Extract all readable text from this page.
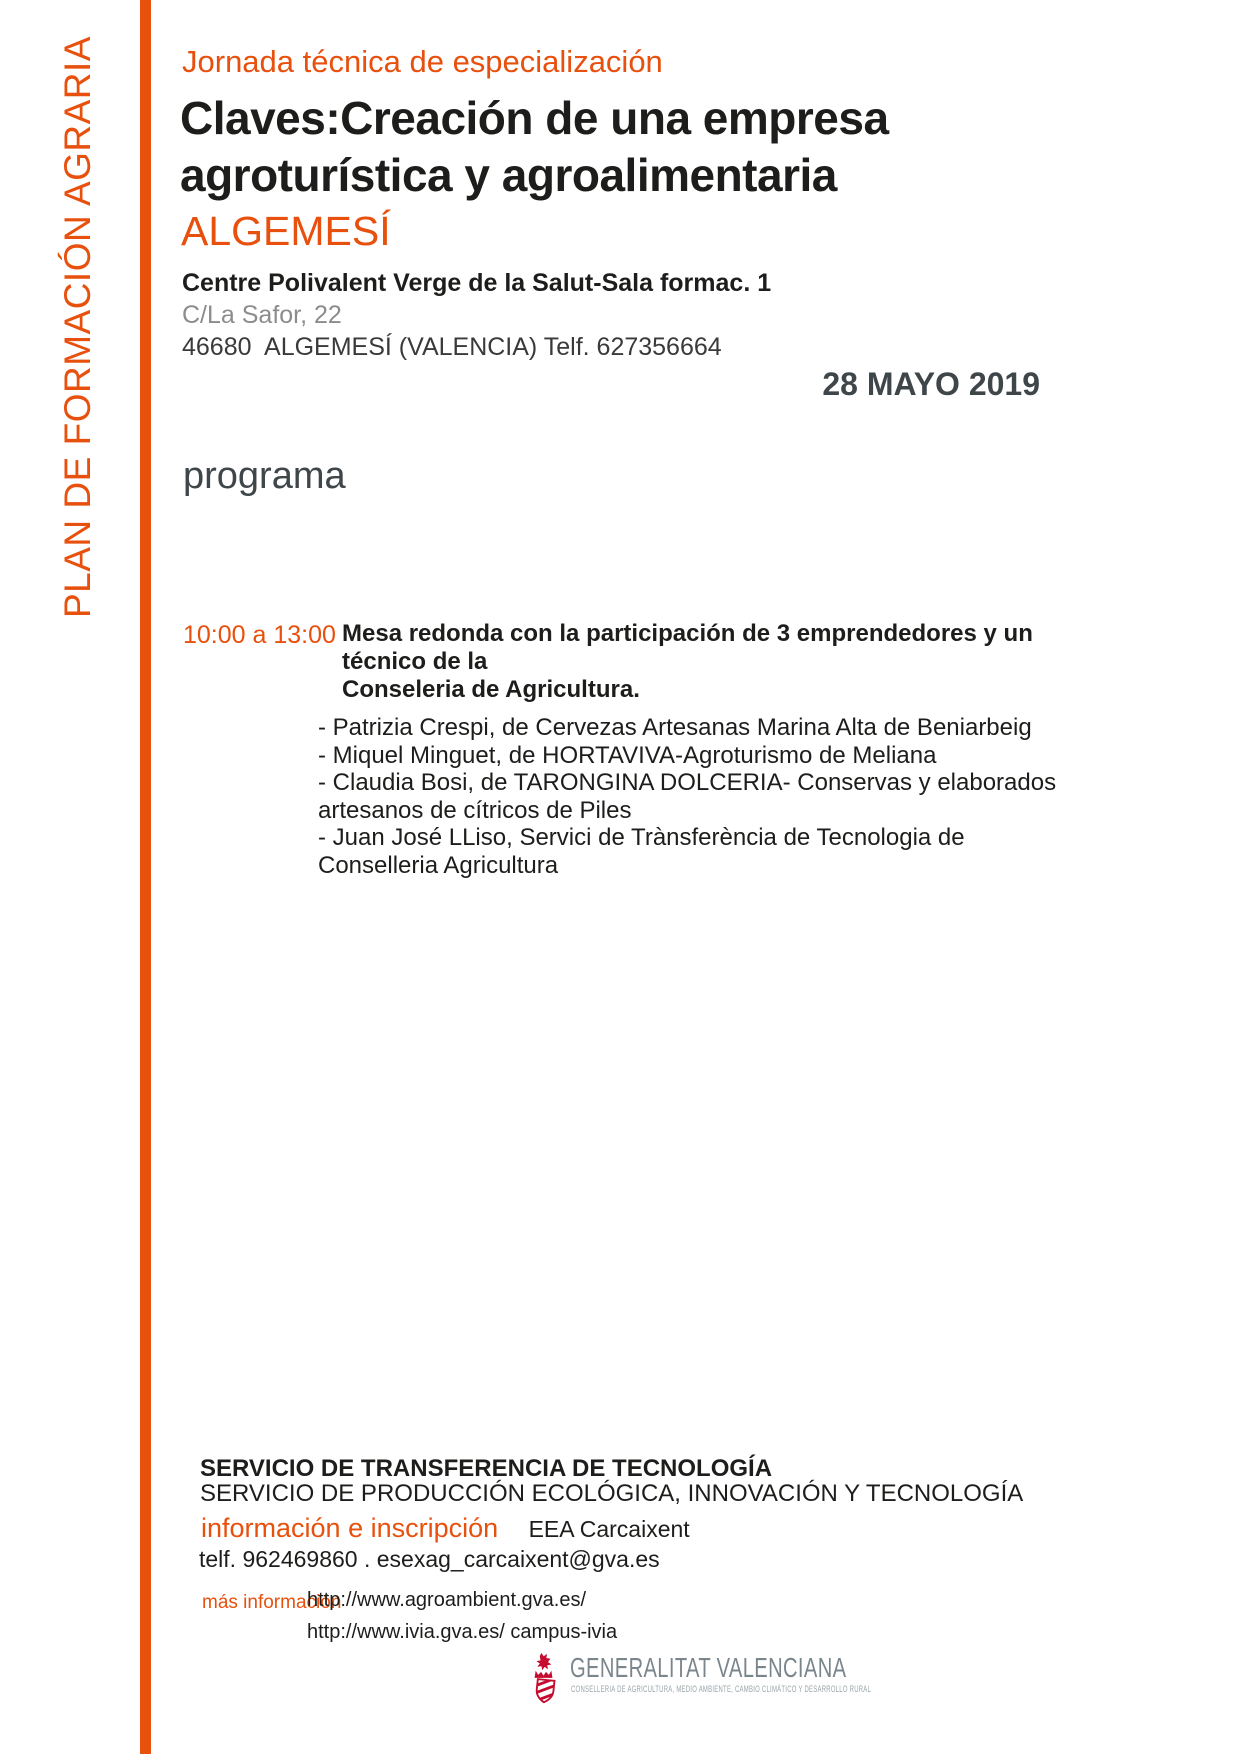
PLAN DE FORMACIÓN AGRARIA	Jornada técnica de especialización
Claves:Creación de una empresa
agroturística y agroalimentaria
ALGEMESÍ
Centre Polivalent Verge de la Salut-Sala formac. 1
C/La Safor, 22
46680  ALGEMESÍ (VALENCIA) Telf. 627356664
28 MAYO 2019
programa
10:00 a 13:00 Mesa redonda con la participación de 3 emprendedores y un técnico de la
Conseleria de Agricultura.
- Patrizia Crespi, de Cervezas Artesanas Marina Alta de Beniarbeig
- Miquel Minguet, de HORTAVIVA-Agroturismo de Meliana
- Claudia Bosi, de TARONGINA DOLCERIA- Conservas y elaborados artesanos de cítricos de Piles
- Juan José LLiso, Servici de Trànsferència de Tecnologia de Conselleria Agricultura
SERVICIO DE TRANSFERENCIA DE TECNOLOGÍA
SERVICIO DE PRODUCCIÓN ECOLÓGICA, INNOVACIÓN Y TECNOLOGÍA
información e inscripción EEA Carcaixent
telf. 962469860 . esexag_carcaixent@gva.es
más información
http://www.agroambient.gva.es/
http://www.ivia.gva.es/ campus-ivia
GENERALITAT VALENCIANA
CONSELLERIA DE AGRICULTURA, MEDIO AMBIENTE, CAMBIO CLIMÁTICO Y DESARROLLO RURAL
